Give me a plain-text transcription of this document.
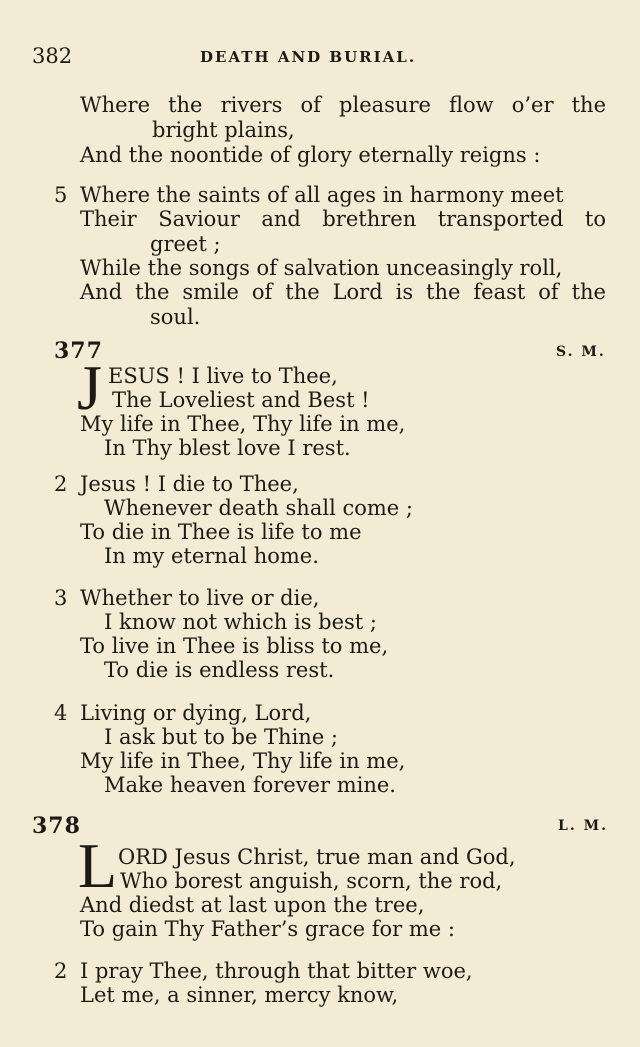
382	DEATH AND BURIAL.
Where the rivers of pleasure flow o’er the
bright plains,
And the noontide of glory eternally reigns :
5 Where the saints of all ages in harmony meet
Their Saviour and brethren transported to
greet ;
While the songs of salvation unceasingly roll,
And the smile of the Lord is the feast of the
soul.
377	S. M.
J ESUS ! I live to Thee,
The Loveliest and Best !
My life in Thee, Thy life in me,
In Thy blest love I rest.
2 Jesus ! I die to Thee,
Whenever death shall come ;
To die in Thee is life to me
In my eternal home.
3 Whether to live or die,
I know not which is best ;
To live in Thee is bliss to me,
To die is endless rest.
4 Living or dying, Lord,
I ask but to be Thine ;
My life in Thee, Thy life in me,
Make heaven forever mine.
378	L. M.
L ORD Jesus Christ, true man and God,
Who borest anguish, scorn, the rod,
And diedst at last upon the tree,
To gain Thy Father’s grace for me :
2 I pray Thee, through that bitter woe,
Let me, a sinner, mercy know,
